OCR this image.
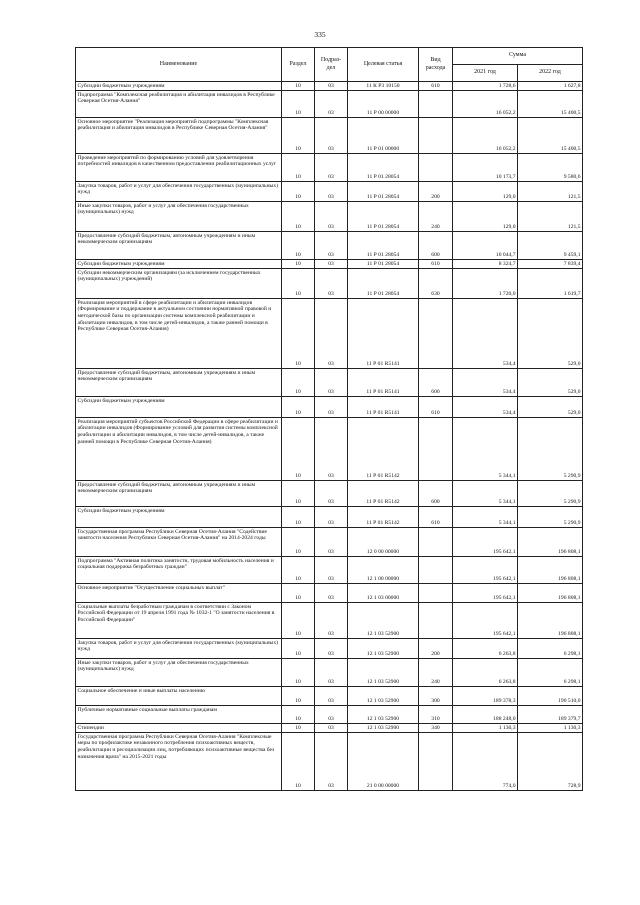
335
Наименование	Раздел	Подраз-
дел	Целевая статья	Вид
расхода	Сумма	
					2021 год	2022 год
Субсидии бюджетным учреждениям	10	03	11 К Р3 10150	610	1 728,6	1 627,8
Подпрограмма "Комплексная реабилитация и абилитация инвалидов в Республике Северная Осетия-Алания"	10	03	11 Р 00 00000		16 052,2	15 400,5
Основное мероприятие "Реализация мероприятий подпрограммы "Комплексная реабилитация и абилитация инвалидов в Республике Северная Осетия-Алания"	10	03	11 Р 01 00000		16 052,2	15 400,5
Проведение мероприятий по формированию условий для удовлетворения потребностей инвалидов в качественном предоставлении реабилитационных услуг	10	03	11 Р 01 28054		10 173,7	9 580,6
Закупка товаров, работ и услуг для обеспечения государственных (муниципальных) нужд	10	03	11 Р 01 28054	200	129,0	121,5
Иные закупки товаров, работ и услуг для обеспечения государственных (муниципальных) нужд	10	03	11 Р 01 28054	240	129,0	121,5
Предоставление субсидий бюджетным, автономным учреждениям и иным некоммерческим организациям	10	03	11 Р 01 28054	600	10 044,7	9 459,1
Субсидии бюджетным учреждениям	10	03	11 Р 01 28054	610	8 324,7	7 839,4
Субсидии некоммерческим организациям (за исключением государственных (муниципальных) учреждений)	10	03	11 Р 01 28054	630	1 720,0	1 619,7
Реализация мероприятий в сфере реабилитации и абилитации инвалидов (Формирование и поддержание в актуальном состоянии нормативной правовой и методической базы по организации системы комплексной реабилитации и абилитации инвалидов, в том числе детей-инвалидов, а также ранней помощи в Республике Северная Осетия-Алания)	10	03	11 Р 01 R5141		534,4	529,0
Предоставление субсидий бюджетным, автономным учреждениям и иным некоммерческим организациям	10	03	11 Р 01 R5141	600	534,4	529,0
Субсидии бюджетным учреждениям	10	03	11 Р 01 R5141	610	534,4	529,0
Реализация мероприятий субъектов Российской Федерации в сфере реабилитации и абилитации инвалидов (Формирование условий для развития системы комплексной реабилитации и абилитации инвалидов, в том числе детей-инвалидов, а также ранней помощи в Республике Северная Осетия-Алания)	10	03	11 Р 01 R5142		5 344,1	5 290,9
Предоставление субсидий бюджетным, автономным учреждениям и иным некоммерческим организациям	10	03	11 Р 01 R5142	600	5 344,1	5 290,9
Субсидии бюджетным учреждениям	10	03	11 Р 01 R5142	610	5 344,1	5 290,9
Государственная программа Республики Северная Осетия-Алания "Содействие занятости населения Республики Северная Осетия-Алания" на 2014-2024 годы	10	03	12 0 00 00000		195 642,1	196 808,1
Подпрограмма "Активная политика занятости, трудовая мобильность населения и социальная поддержка безработных граждан"	10	03	12 1 00 00000		195 642,1	196 808,1
Основное мероприятие "Осуществление социальных выплат"	10	03	12 1 03 00000		195 642,1	196 808,1
Социальные выплаты безработным гражданам в соответствии с Законом Российской Федерации от 19 апреля 1991 года № 1032-1 "О занятости населения в Российской Федерации"	10	03	12 1 03 52900		195 642,1	196 808,1
Закупка товаров, работ и услуг для обеспечения государственных (муниципальных) нужд	10	03	12 1 03 52900	200	6 263,8	6 298,1
Иные закупки товаров, работ и услуг для обеспечения государственных (муниципальных) нужд	10	03	12 1 03 52900	240	6 263,8	6 298,1
Социальное обеспечение и иные выплаты населению	10	03	12 1 03 52900	300	189 378,3	190 510,0
Публичные нормативные социальные выплаты гражданам	10	03	12 1 03 52900	310	188 248,0	189 379,7
Стипендии	10	03	12 1 03 52900	340	1 130,3	1 130,3
Государственная программа Республики Северная Осетия-Алания "Комплексные меры по профилактике незаконного потребления психоактивных веществ, реабилитации и ресоциализации лиц, потребляющих психоактивные вещества без назначения врача" на 2015-2021 годы	10	03	21 0 00 00000		774,0	728,9
